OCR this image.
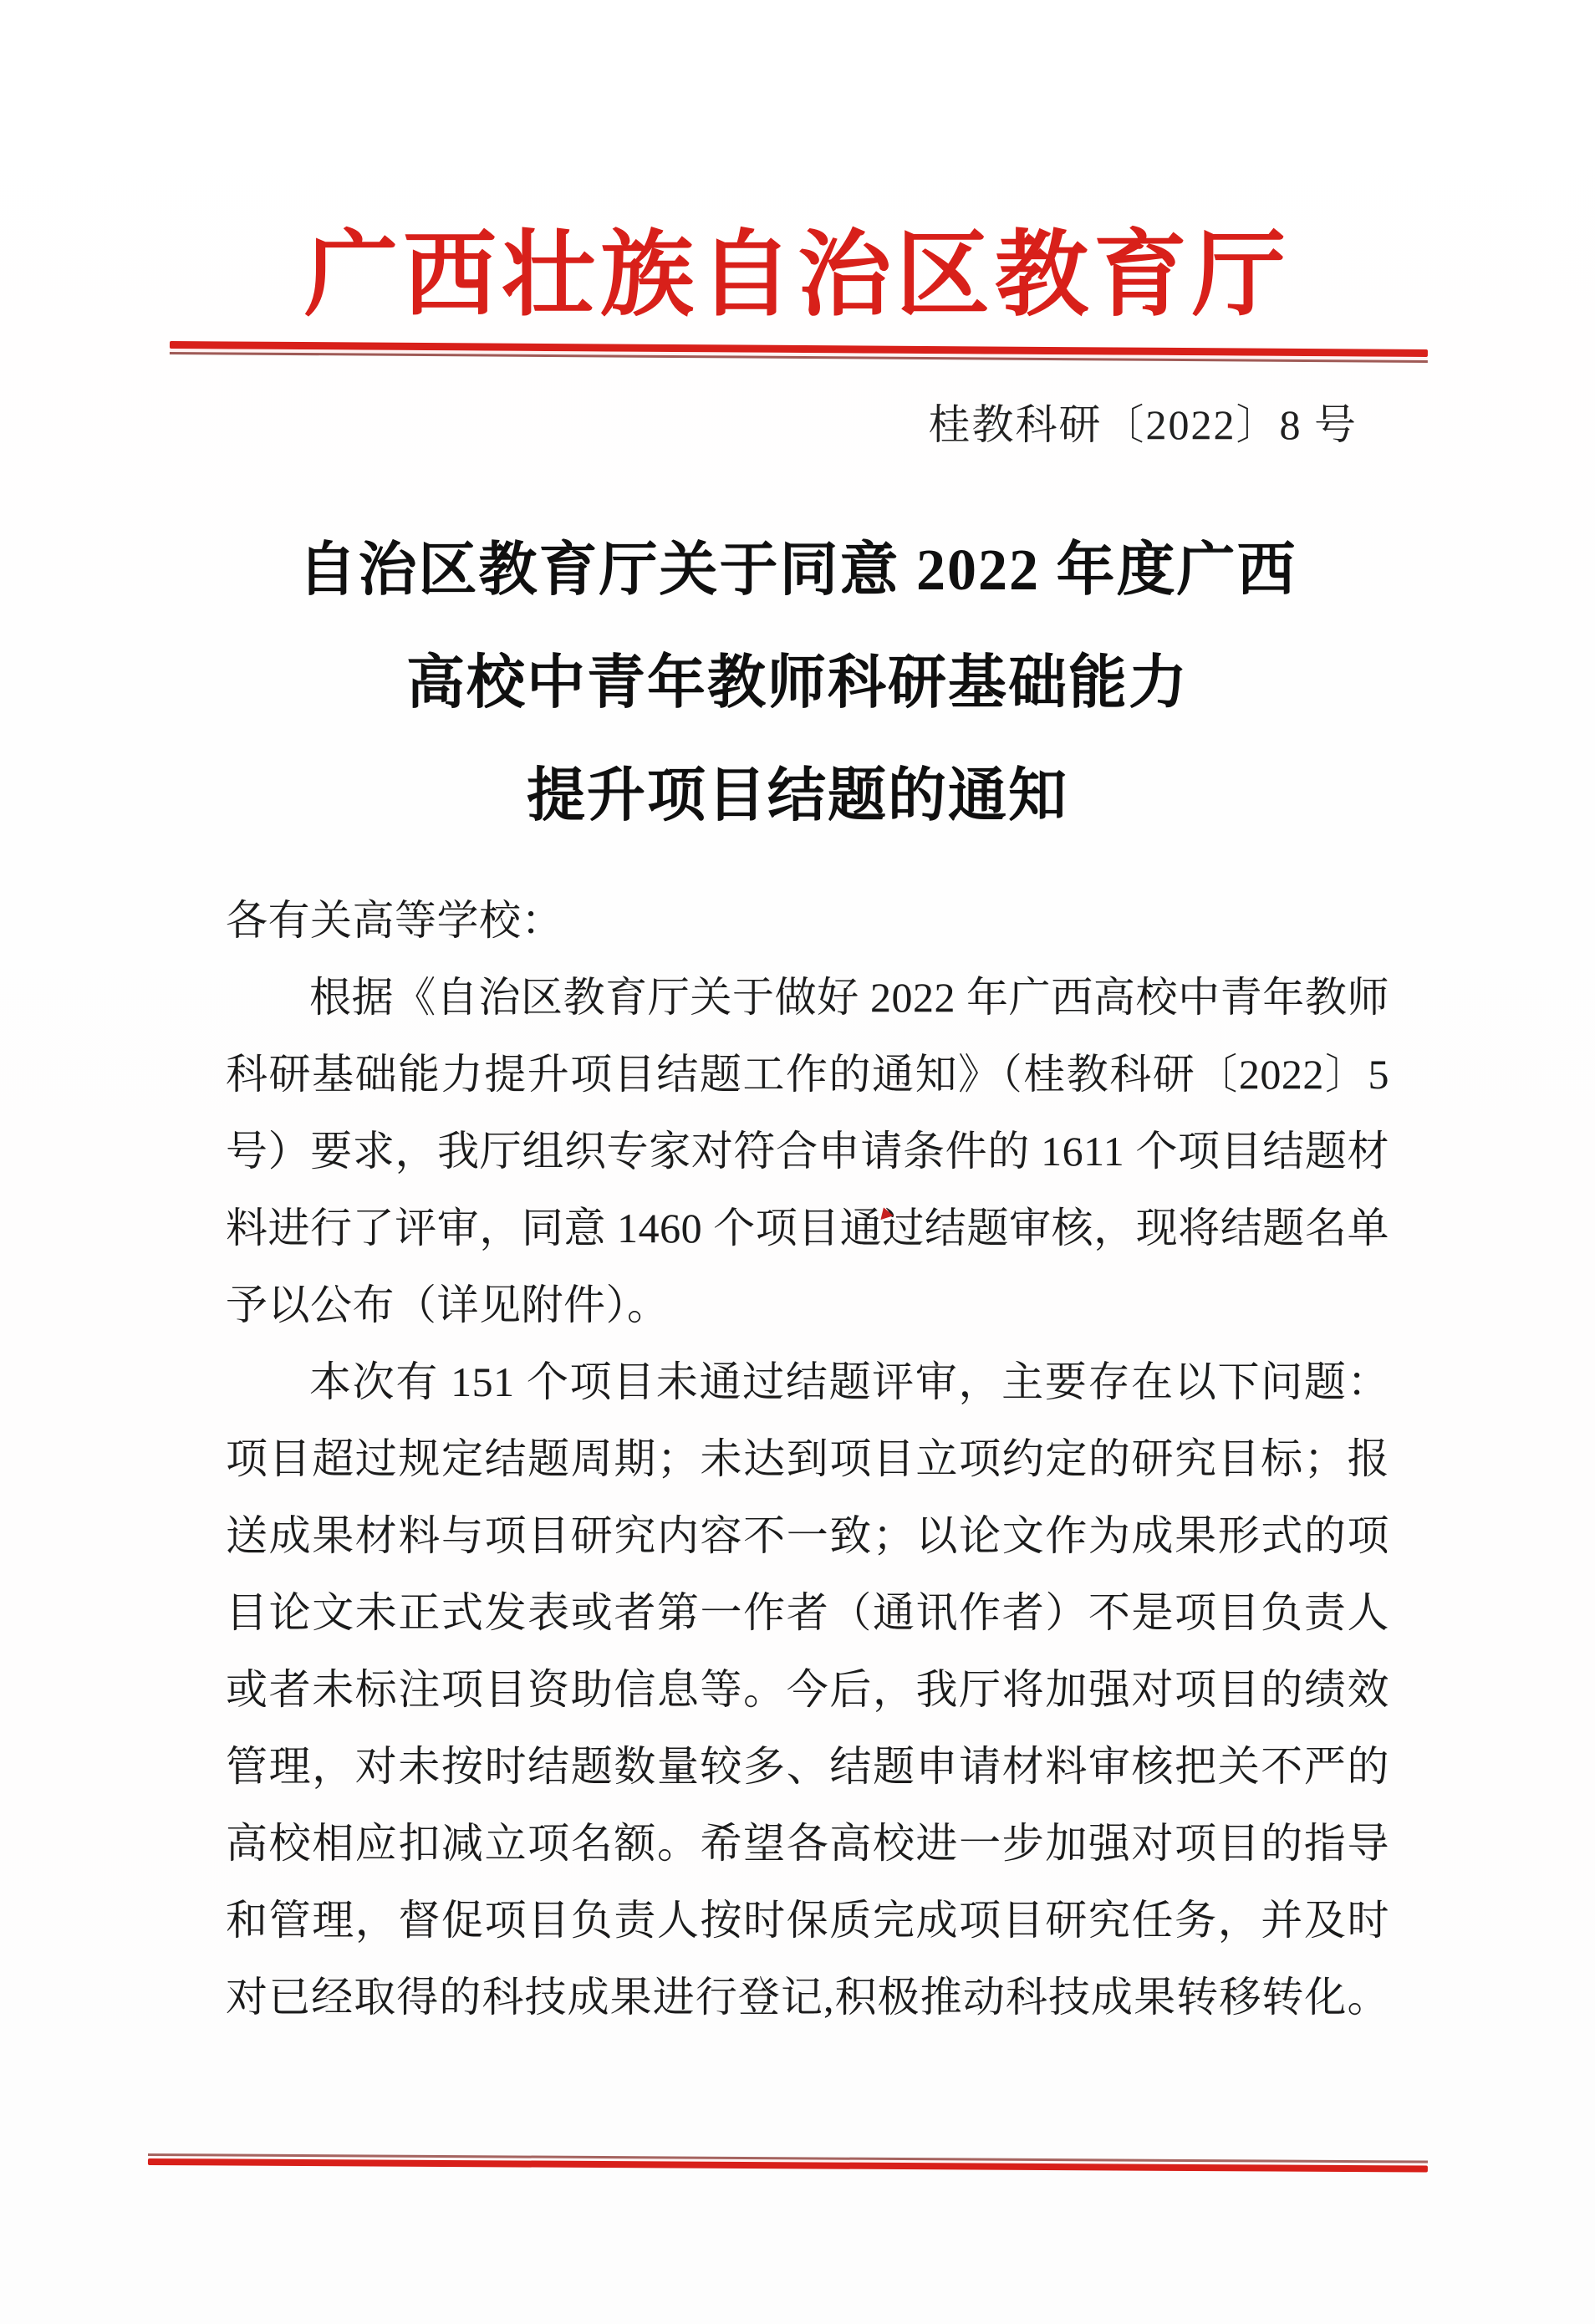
广西壮族自治区教育厅
桂教科研〔2022〕8 号
自治区教育厅关于同意 2022 年度广西
高校中青年教师科研基础能力
提升项目结题的通知
各有关高等学校：
根据《自治区教育厅关于做好 2022 年广西高校中青年教师
科研基础能力提升项目结题工作的通知》（桂教科研〔2022〕5
号）要求，我厅组织专家对符合申请条件的 1611 个项目结题材
料进行了评审，同意 1460 个项目通过结题审核，现将结题名单
予以公布（详见附件）。
本次有 151 个项目未通过结题评审，主要存在以下问题：
项目超过规定结题周期；未达到项目立项约定的研究目标；报
送成果材料与项目研究内容不一致；以论文作为成果形式的项
目论文未正式发表或者第一作者（通讯作者）不是项目负责人
或者未标注项目资助信息等。今后，我厅将加强对项目的绩效
管理，对未按时结题数量较多、结题申请材料审核把关不严的
高校相应扣减立项名额。希望各高校进一步加强对项目的指导
和管理，督促项目负责人按时保质完成项目研究任务，并及时
对已经取得的科技成果进行登记,积极推动科技成果转移转化。
